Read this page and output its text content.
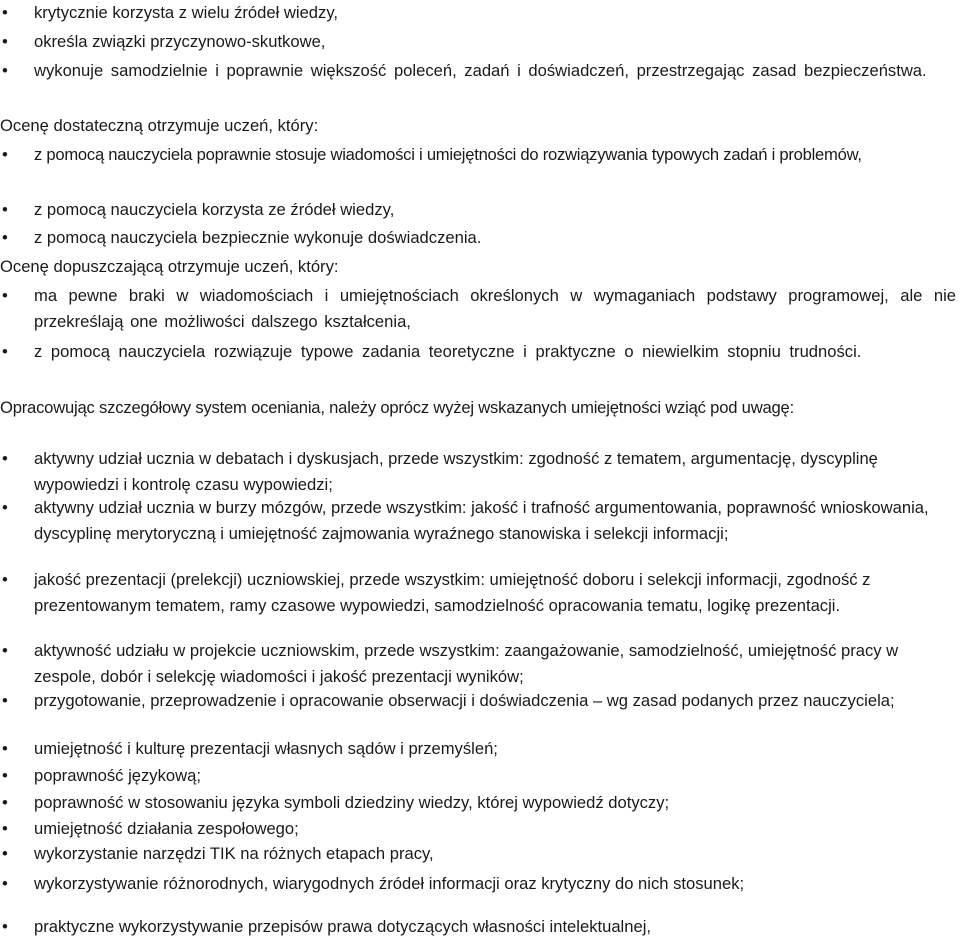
•	krytycznie korzysta z wielu źródeł wiedzy,

•	określa związki przyczynowo-skutkowe,

•	wykonuje samodzielnie i poprawnie większość poleceń, zadań i doświadczeń, przestrzegając zasad bezpieczeństwa.

Ocenę dostateczną otrzymuje uczeń, który:

•	z pomocą nauczyciela poprawnie stosuje wiadomości i umiejętności do rozwiązywania typowych zadań i problemów,

•	z pomocą nauczyciela korzysta ze źródeł wiedzy,

•	z pomocą nauczyciela bezpiecznie wykonuje doświadczenia.

Ocenę dopuszczającą otrzymuje uczeń, który:

•	ma pewne braki w wiadomościach i umiejętnościach określonych w wymaganiach podstawy programowej, ale nie przekreślają one możliwości dalszego kształcenia,

•	z pomocą nauczyciela rozwiązuje typowe zadania teoretyczne i praktyczne o niewielkim stopniu trudności.

Opracowując szczegółowy system oceniania, należy oprócz wyżej wskazanych umiejętności wziąć pod uwagę:

•	aktywny udział ucznia w debatach i dyskusjach, przede wszystkim: zgodność z tematem, argumentację, dyscyplinę wypowiedzi i kontrolę czasu wypowiedzi;

•	aktywny udział ucznia w burzy mózgów, przede wszystkim: jakość i trafność argumentowania, poprawność wnioskowania, dyscyplinę merytoryczną i umiejętność zajmowania wyraźnego stanowiska i selekcji informacji;

•	jakość prezentacji (prelekcji) uczniowskiej, przede wszystkim: umiejętność doboru i selekcji informacji, zgodność z prezentowanym tematem, ramy czasowe wypowiedzi, samodzielność opracowania tematu, logikę prezentacji.

•	aktywność udziału w projekcie uczniowskim, przede wszystkim: zaangażowanie, samodzielność, umiejętność pracy w zespole, dobór i selekcję wiadomości i jakość prezentacji wyników;

•	przygotowanie, przeprowadzenie i opracowanie obserwacji i doświadczenia – wg zasad podanych przez nauczyciela;

•	umiejętność i kulturę prezentacji własnych sądów i przemyśleń;

•	poprawność językową;

•	poprawność w stosowaniu języka symboli dziedziny wiedzy, której wypowiedź dotyczy;

•	umiejętność działania zespołowego;

•	wykorzystanie narzędzi TIK na różnych etapach pracy,

•	wykorzystywanie różnorodnych, wiarygodnych źródeł informacji oraz krytyczny do nich stosunek;

•	praktyczne wykorzystywanie przepisów prawa dotyczących własności intelektualnej,
